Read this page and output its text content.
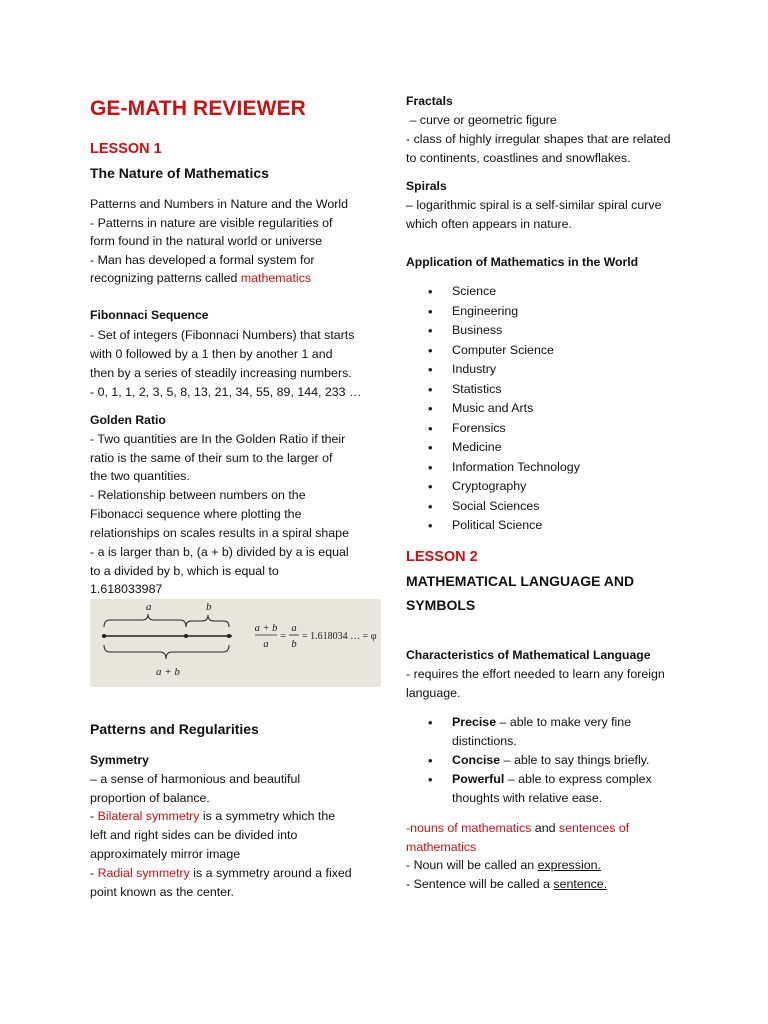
GE-MATH REVIEWER
LESSON 1
The Nature of Mathematics
Patterns and Numbers in Nature and the World
- Patterns in nature are visible regularities of
form found in the natural world or universe
- Man has developed a formal system for
recognizing patterns called mathematics
Fibonnaci Sequence
- Set of integers (Fibonnaci Numbers) that starts
with 0 followed by a 1 then by another 1 and
then by a series of steadily increasing numbers.
- 0, 1, 1, 2, 3, 5, 8, 13, 21, 34, 55, 89, 144, 233 …
Golden Ratio
- Two quantities are In the Golden Ratio if their
ratio is the same of their sum to the larger of
the two quantities.
- Relationship between numbers on the
Fibonacci sequence where plotting the
relationships on scales results in a spiral shape
- a is larger than b, (a + b) divided by a is equal
to a divided by b, which is equal to
1.618033987
Patterns and Regularities
Symmetry
– a sense of harmonious and beautiful
proportion of balance.
- Bilateral symmetry is a symmetry which the
left and right sides can be divided into
approximately mirror image
- Radial symmetry is a symmetry around a fixed
point known as the center.
a	b
a + b
a + b
a
=
a
b
= 1.618034 … = φ
Fractals
– curve or geometric figure
- class of highly irregular shapes that are related
to continents, coastlines and snowflakes.
Spirals
– logarithmic spiral is a self-similar spiral curve
which often appears in nature.
Application of Mathematics in the World
• Science
• Engineering
• Business
• Computer Science
• Industry
• Statistics
• Music and Arts
• Forensics
• Medicine
• Information Technology
• Cryptography
• Social Sciences
• Political Science
LESSON 2
MATHEMATICAL LANGUAGE AND
SYMBOLS
Characteristics of Mathematical Language
- requires the effort needed to learn any foreign
language.
• Precise – able to make very fine
distinctions.
• Concise – able to say things briefly.
• Powerful – able to express complex
thoughts with relative ease.
-nouns of mathematics and sentences of
mathematics
- Noun will be called an expression.
- Sentence will be called a sentence.
